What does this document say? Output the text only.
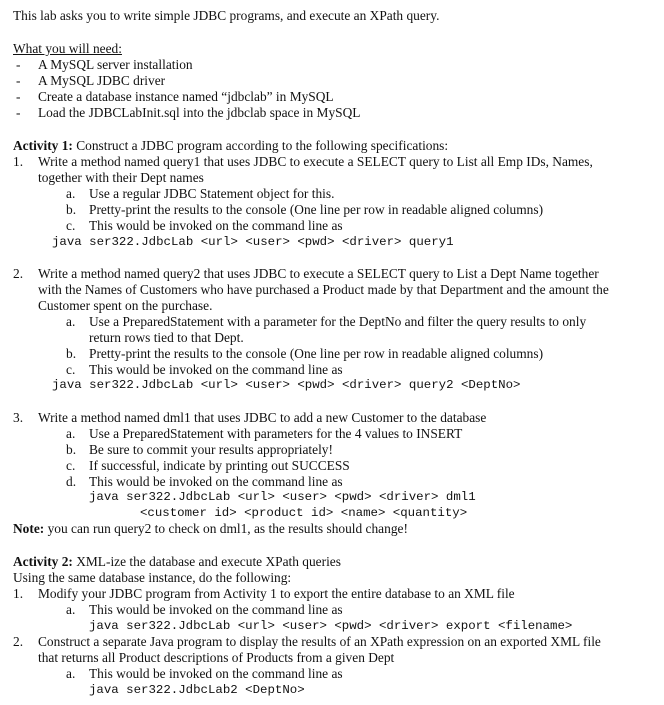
This lab asks you to write simple JDBC programs, and execute an XPath query.
What you will need:
- A MySQL server installation
- A MySQL JDBC driver
- Create a database instance named “jdbclab” in MySQL
- Load the JDBCLabInit.sql into the jdbclab space in MySQL
Activity 1: Construct a JDBC program according to the following specifications:
1. Write a method named query1 that uses JDBC to execute a SELECT query to List all Emp IDs, Names,
together with their Dept names
a. Use a regular JDBC Statement object for this.
b. Pretty-print the results to the console (One line per row in readable aligned columns)
c. This would be invoked on the command line as
java ser322.JdbcLab <url> <user> <pwd> <driver> query1
2. Write a method named query2 that uses JDBC to execute a SELECT query to List a Dept Name together
with the Names of Customers who have purchased a Product made by that Department and the amount the
Customer spent on the purchase.
a. Use a PreparedStatement with a parameter for the DeptNo and filter the query results to only
return rows tied to that Dept.
b. Pretty-print the results to the console (One line per row in readable aligned columns)
c. This would be invoked on the command line as
java ser322.JdbcLab <url> <user> <pwd> <driver> query2 <DeptNo>
3. Write a method named dml1 that uses JDBC to add a new Customer to the database
a. Use a PreparedStatement with parameters for the 4 values to INSERT
b. Be sure to commit your results appropriately!
c. If successful, indicate by printing out SUCCESS
d. This would be invoked on the command line as
java ser322.JdbcLab <url> <user> <pwd> <driver> dml1
<customer id> <product id> <name> <quantity>
Note: you can run query2 to check on dml1, as the results should change!
Activity 2: XML-ize the database and execute XPath queries
Using the same database instance, do the following:
1. Modify your JDBC program from Activity 1 to export the entire database to an XML file
a. This would be invoked on the command line as
java ser322.JdbcLab <url> <user> <pwd> <driver> export <filename>
2. Construct a separate Java program to display the results of an XPath expression on an exported XML file
that returns all Product descriptions of Products from a given Dept
a. This would be invoked on the command line as
java ser322.JdbcLab2 <DeptNo>
